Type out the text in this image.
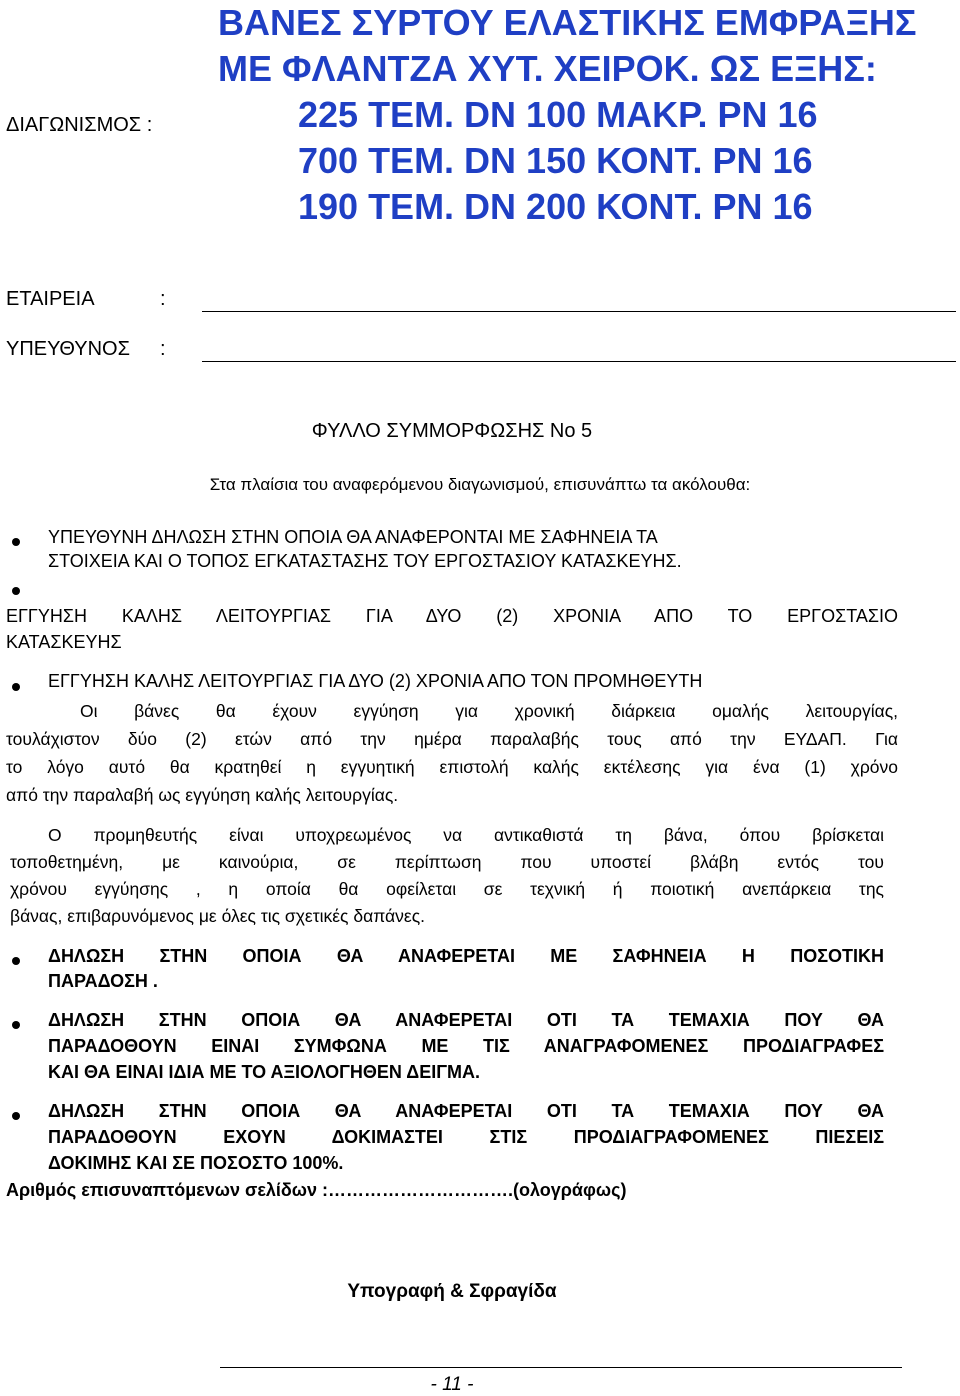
ΔΙΑΓΩΝΙΣΜΟΣ :
ΒΑΝΕΣ ΣΥΡΤΟΥ ΕΛΑΣΤΙΚΗΣ ΕΜΦΡΑΞΗΣ
ΜΕ ΦΛΑΝΤΖΑ ΧΥΤ. ΧΕΙΡΟΚ. ΩΣ ΕΞΗΣ:
225 ΤΕΜ. DN 100 ΜΑΚΡ. PN 16
700 ΤΕΜ. DN 150 ΚΟΝΤ. PN 16
190 ΤΕΜ. DN 200 ΚΟΝΤ. PN 16
ΕΤΑΙΡΕΙΑ	:
ΥΠΕΥΘΥΝΟΣ :
ΦΥΛΛΟ ΣΥΜΜΟΡΦΩΣΗΣ Νο 5
Στα πλαίσια του αναφερόμενου διαγωνισμού, επισυνάπτω τα ακόλουθα:
ΥΠΕΥΘΥΝΗ ΔΗΛΩΣΗ ΣΤΗΝ ΟΠΟΙΑ ΘΑ ΑΝΑΦΕΡΟΝΤΑΙ ΜΕ ΣΑΦΗΝΕΙΑ ΤΑ
ΣΤΟΙΧΕΙΑ ΚΑΙ Ο ΤΟΠΟΣ ΕΓΚΑΤΑΣΤΑΣΗΣ ΤΟΥ ΕΡΓΟΣΤΑΣΙΟΥ ΚΑΤΑΣΚΕΥΗΣ.
ΕΓΓΥΗΣΗ ΚΑΛΗΣ ΛΕΙΤΟΥΡΓΙΑΣ ΓΙΑ ΔΥΟ (2) ΧΡΟΝΙΑ ΑΠΟ ΤΟ ΕΡΓΟΣΤΑΣΙΟ
ΚΑΤΑΣΚΕΥΗΣ
ΕΓΓΥΗΣΗ ΚΑΛΗΣ ΛΕΙΤΟΥΡΓΙΑΣ ΓΙΑ ΔΥΟ (2) ΧΡΟΝΙΑ ΑΠΟ ΤΟΝ ΠΡΟΜΗΘΕΥΤΗ
Οι βάνες θα έχουν εγγύηση για χρονική διάρκεια ομαλής λειτουργίας,
τουλάχιστον δύο (2) ετών από την ημέρα παραλαβής τους από την ΕΥΔΑΠ. Για
το λόγο αυτό θα κρατηθεί η εγγυητική επιστολή καλής εκτέλεσης για ένα (1) χρόνο
από την παραλαβή ως εγγύηση καλής λειτουργίας.
Ο προμηθευτής είναι υποχρεωμένος να αντικαθιστά τη βάνα, όπου βρίσκεται
τοποθετημένη, με καινούρια, σε περίπτωση που υποστεί βλάβη εντός του
χρόνου εγγύησης , η οποία θα οφείλεται σε τεχνική ή ποιοτική ανεπάρκεια της
βάνας, επιβαρυνόμενος με όλες τις σχετικές δαπάνες.
ΔΗΛΩΣΗ ΣΤΗΝ ΟΠΟΙΑ ΘΑ ΑΝΑΦΕΡΕΤΑΙ ΜΕ ΣΑΦΗΝΕΙΑ Η ΠΟΣΟΤΙΚΗ
ΠΑΡΑΔΟΣΗ .
ΔΗΛΩΣΗ ΣΤΗΝ ΟΠΟΙΑ ΘΑ ΑΝΑΦΕΡΕΤΑΙ ΟΤΙ ΤΑ ΤΕΜΑΧΙΑ ΠΟΥ ΘΑ
ΠΑΡΑΔΟΘΟΥΝ ΕΙΝΑΙ ΣΥΜΦΩΝΑ ΜΕ ΤΙΣ ΑΝΑΓΡΑΦΟΜΕΝΕΣ ΠΡΟΔΙΑΓΡΑΦΕΣ
ΚΑΙ ΘΑ ΕΙΝΑΙ ΙΔΙΑ ΜΕ ΤΟ ΑΞΙΟΛΟΓΗΘΕΝ ΔΕΙΓΜΑ.
ΔΗΛΩΣΗ ΣΤΗΝ ΟΠΟΙΑ ΘΑ ΑΝΑΦΕΡΕΤΑΙ ΟΤΙ ΤΑ ΤΕΜΑΧΙΑ ΠΟΥ ΘΑ
ΠΑΡΑΔΟΘΟΥΝ ΕΧΟΥΝ ΔΟΚΙΜΑΣΤΕΙ ΣΤΙΣ ΠΡΟΔΙΑΓΡΑΦΟΜΕΝΕΣ ΠΙΕΣΕΙΣ
ΔΟΚΙΜΗΣ ΚΑΙ ΣΕ ΠΟΣΟΣΤΟ 100%.
Αριθμός επισυναπτόμενων σελίδων :………………………….(ολογράφως)
Υπογραφή & Σφραγίδα
- 11 -
